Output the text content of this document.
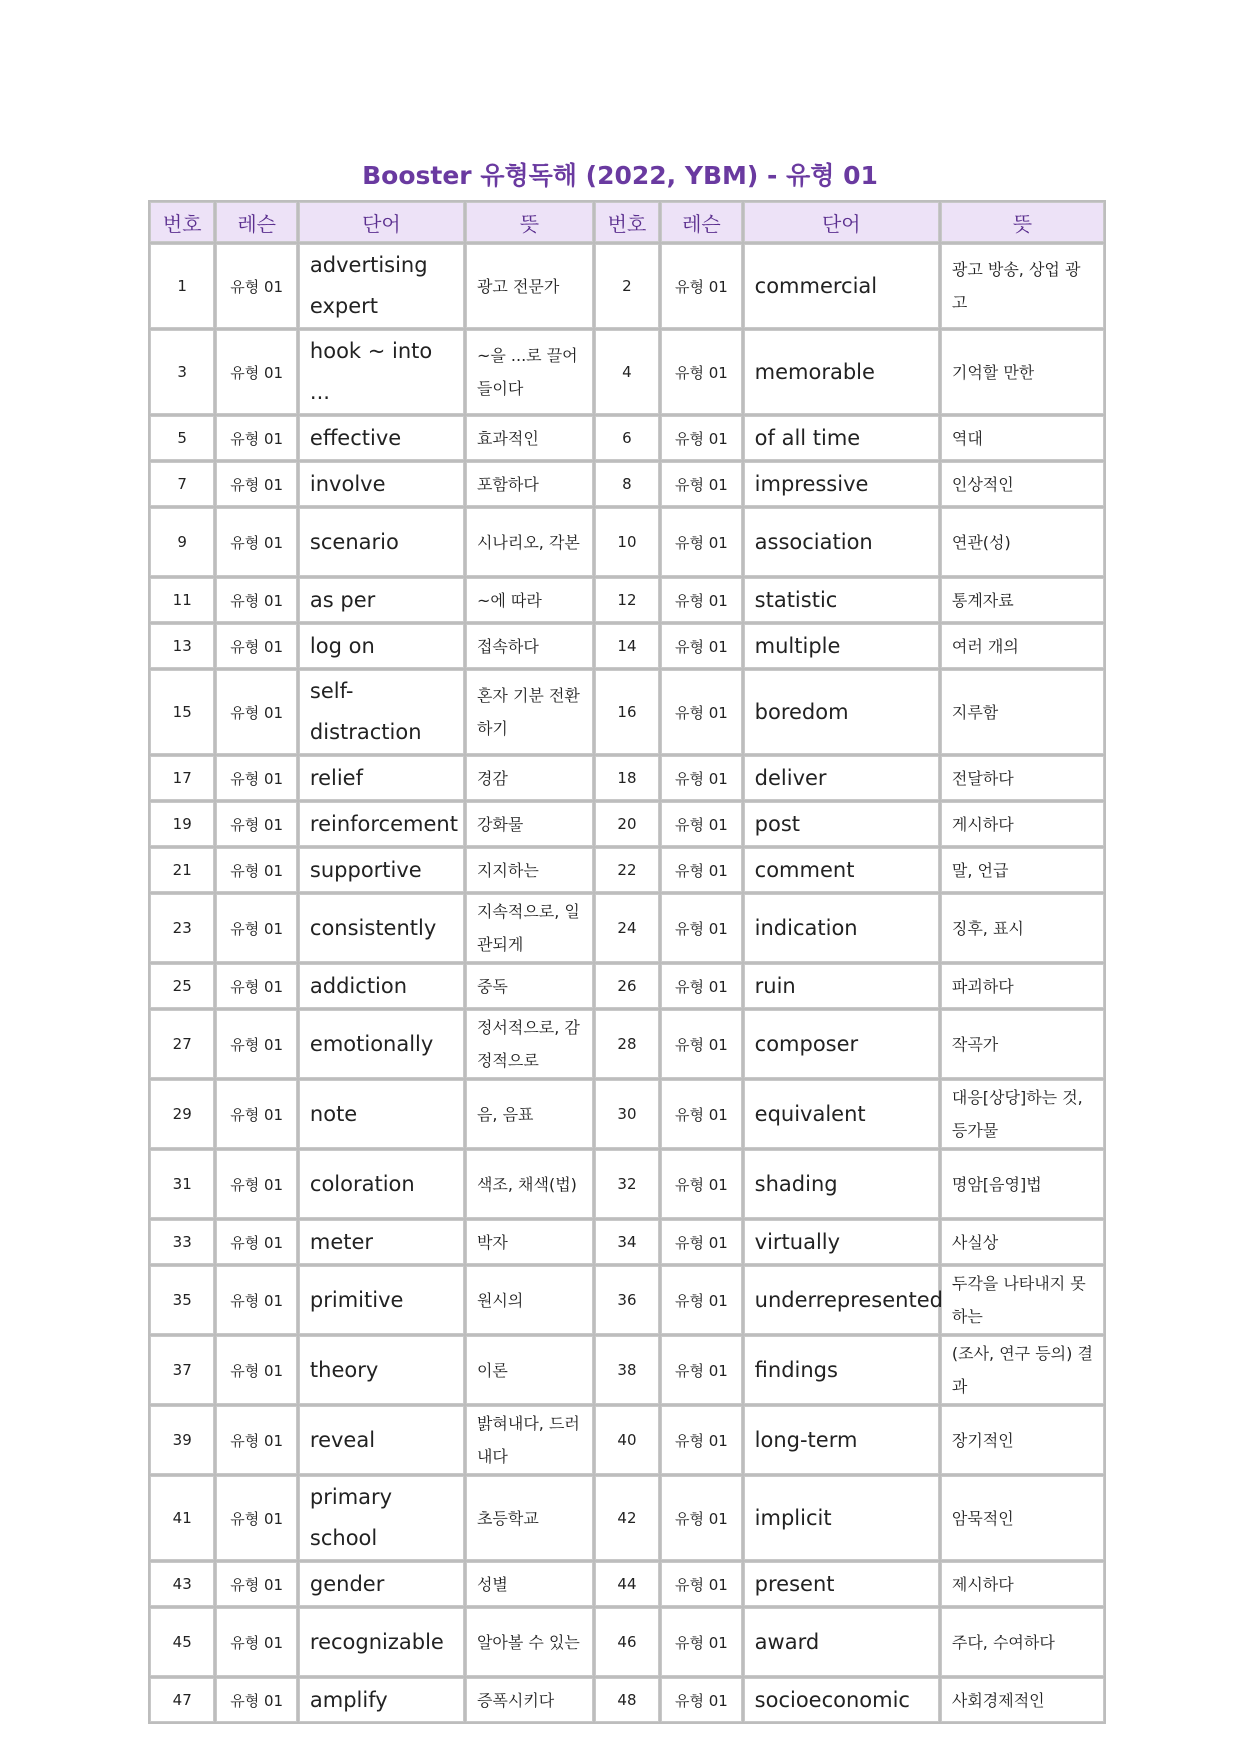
Booster 유형독해 (2022, YBM) - 유형 01
번호	레슨	단어	뜻	번호	레슨	단어	뜻
1	유형 01	advertising expert	광고 전문가	2	유형 01	commercial	광고 방송, 상업 광고
3	유형 01	hook ~ into ...	~을 ...로 끌어들이다	4	유형 01	memorable	기억할 만한
5	유형 01	effective	효과적인	6	유형 01	of all time	역대
7	유형 01	involve	포함하다	8	유형 01	impressive	인상적인
9	유형 01	scenario	시나리오, 각본	10	유형 01	association	연관(성)
11	유형 01	as per	~에 따라	12	유형 01	statistic	통계자료
13	유형 01	log on	접속하다	14	유형 01	multiple	여러 개의
15	유형 01	self-distraction	혼자 기분 전환하기	16	유형 01	boredom	지루함
17	유형 01	relief	경감	18	유형 01	deliver	전달하다
19	유형 01	reinforcement	강화물	20	유형 01	post	게시하다
21	유형 01	supportive	지지하는	22	유형 01	comment	말, 언급
23	유형 01	consistently	지속적으로, 일관되게	24	유형 01	indication	징후, 표시
25	유형 01	addiction	중독	26	유형 01	ruin	파괴하다
27	유형 01	emotionally	정서적으로, 감정적으로	28	유형 01	composer	작곡가
29	유형 01	note	음, 음표	30	유형 01	equivalent	대응[상당]하는 것, 등가물
31	유형 01	coloration	색조, 채색(법)	32	유형 01	shading	명암[음영]법
33	유형 01	meter	박자	34	유형 01	virtually	사실상
35	유형 01	primitive	원시의	36	유형 01	underrepresented	두각을 나타내지 못하는
37	유형 01	theory	이론	38	유형 01	findings	(조사, 연구 등의) 결과
39	유형 01	reveal	밝혀내다, 드러내다	40	유형 01	long-term	장기적인
41	유형 01	primary school	초등학교	42	유형 01	implicit	암묵적인
43	유형 01	gender	성별	44	유형 01	present	제시하다
45	유형 01	recognizable	알아볼 수 있는	46	유형 01	award	주다, 수여하다
47	유형 01	amplify	증폭시키다	48	유형 01	socioeconomic	사회경제적인
